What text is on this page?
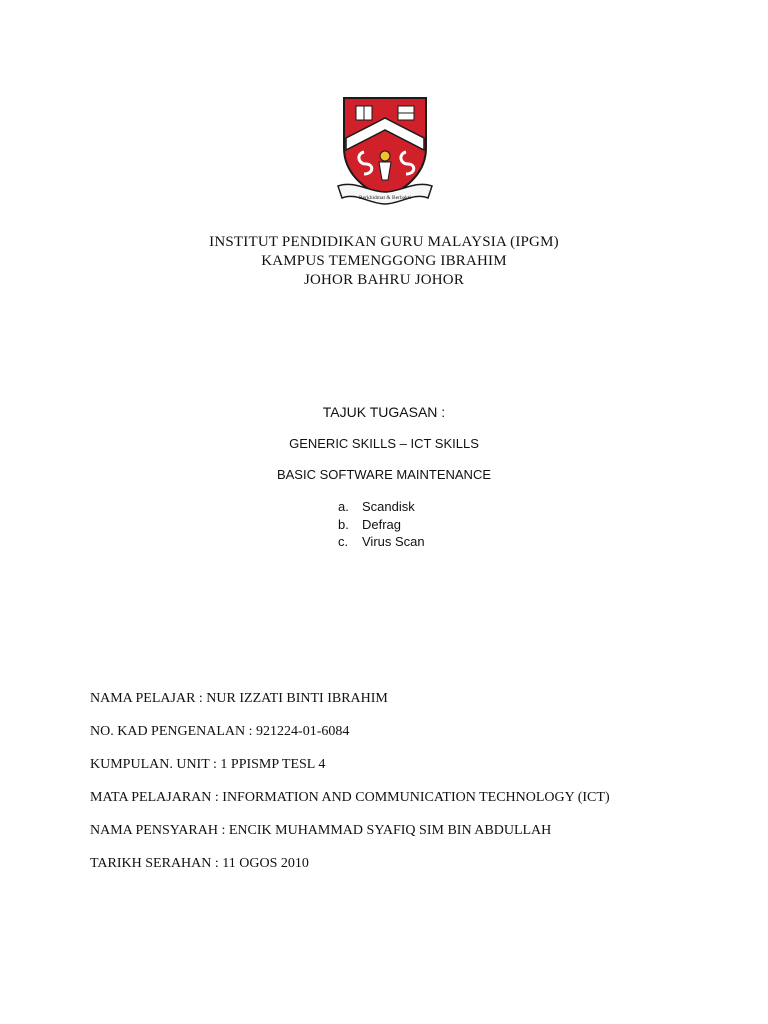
Berkhidmat & Berbakti
INSTITUT PENDIDIKAN GURU MALAYSIA (IPGM)
KAMPUS TEMENGGONG IBRAHIM
JOHOR BAHRU JOHOR
TAJUK TUGASAN :
GENERIC SKILLS – ICT SKILLS
BASIC SOFTWARE MAINTENANCE
a.	Scandisk
b.	Defrag
c.	Virus Scan
NAMA PELAJAR : NUR IZZATI BINTI IBRAHIM
NO. KAD PENGENALAN : 921224-01-6084
KUMPULAN. UNIT : 1 PPISMP TESL 4
MATA PELAJARAN : INFORMATION AND COMMUNICATION TECHNOLOGY (ICT)
NAMA PENSYARAH : ENCIK MUHAMMAD SYAFIQ SIM BIN ABDULLAH
TARIKH SERAHAN : 11 OGOS 2010
